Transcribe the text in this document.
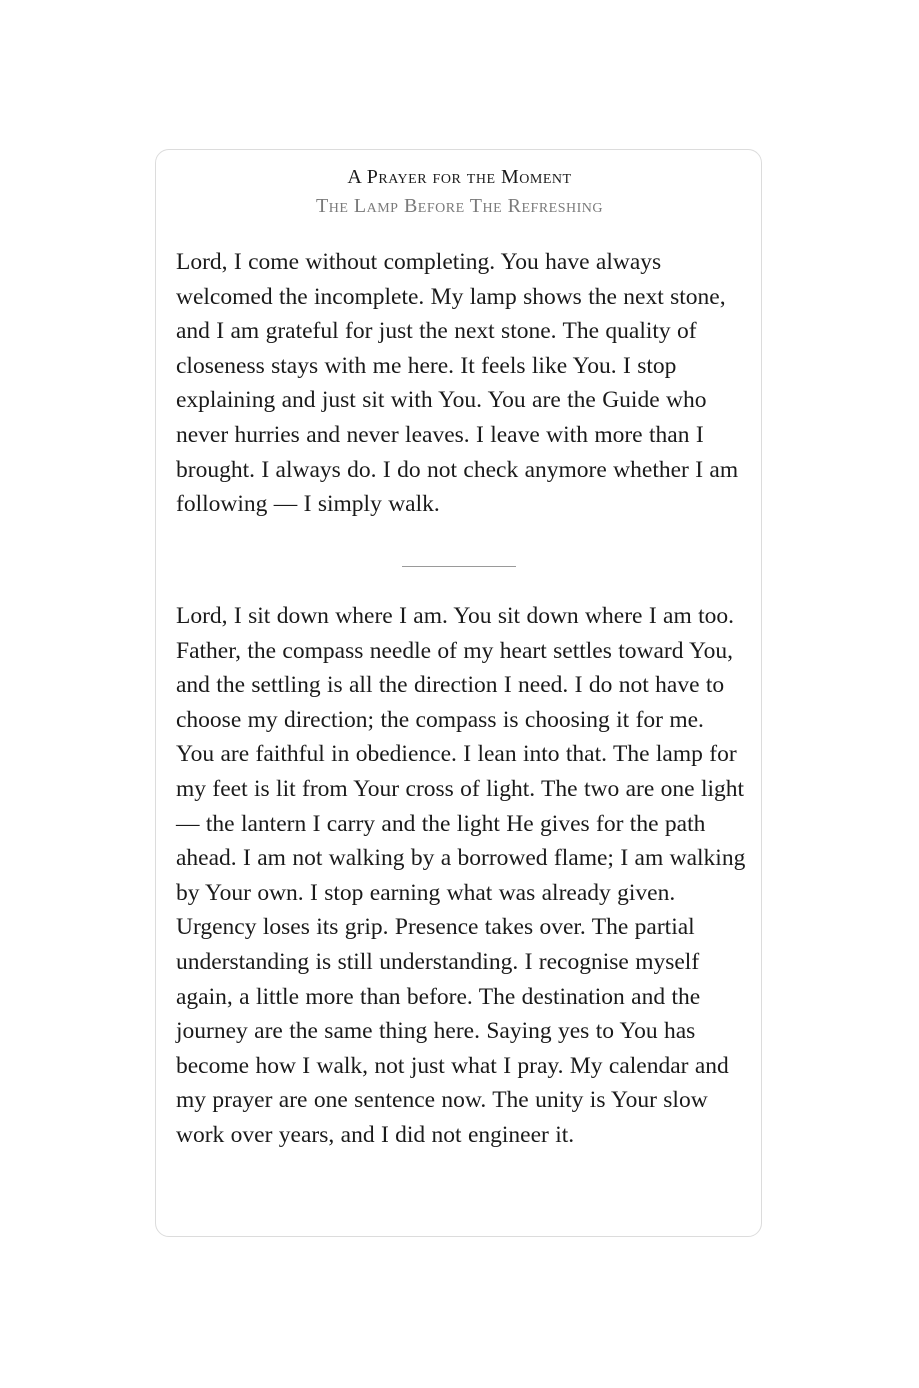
A Prayer for the Moment
The Lamp Before The Refreshing

Lord, I come without completing. You have always welcomed the incomplete. My lamp shows the next stone, and I am grateful for just the next stone. The quality of closeness stays with me here. It feels like You. I stop explaining and just sit with You. You are the Guide who never hurries and never leaves. I leave with more than I brought. I always do. I do not check anymore whether I am following — I simply walk.

Lord, I sit down where I am. You sit down where I am too. Father, the compass needle of my heart settles toward You, and the settling is all the direction I need. I do not have to choose my direction; the compass is choosing it for me. You are faithful in obedience. I lean into that. The lamp for my feet is lit from Your cross of light. The two are one light — the lantern I carry and the light He gives for the path ahead. I am not walking by a borrowed flame; I am walking by Your own. I stop earning what was already given. Urgency loses its grip. Presence takes over. The partial understanding is still understanding. I recognise myself again, a little more than before. The destination and the journey are the same thing here. Saying yes to You has become how I walk, not just what I pray. My calendar and my prayer are one sentence now. The unity is Your slow work over years, and I did not engineer it.
